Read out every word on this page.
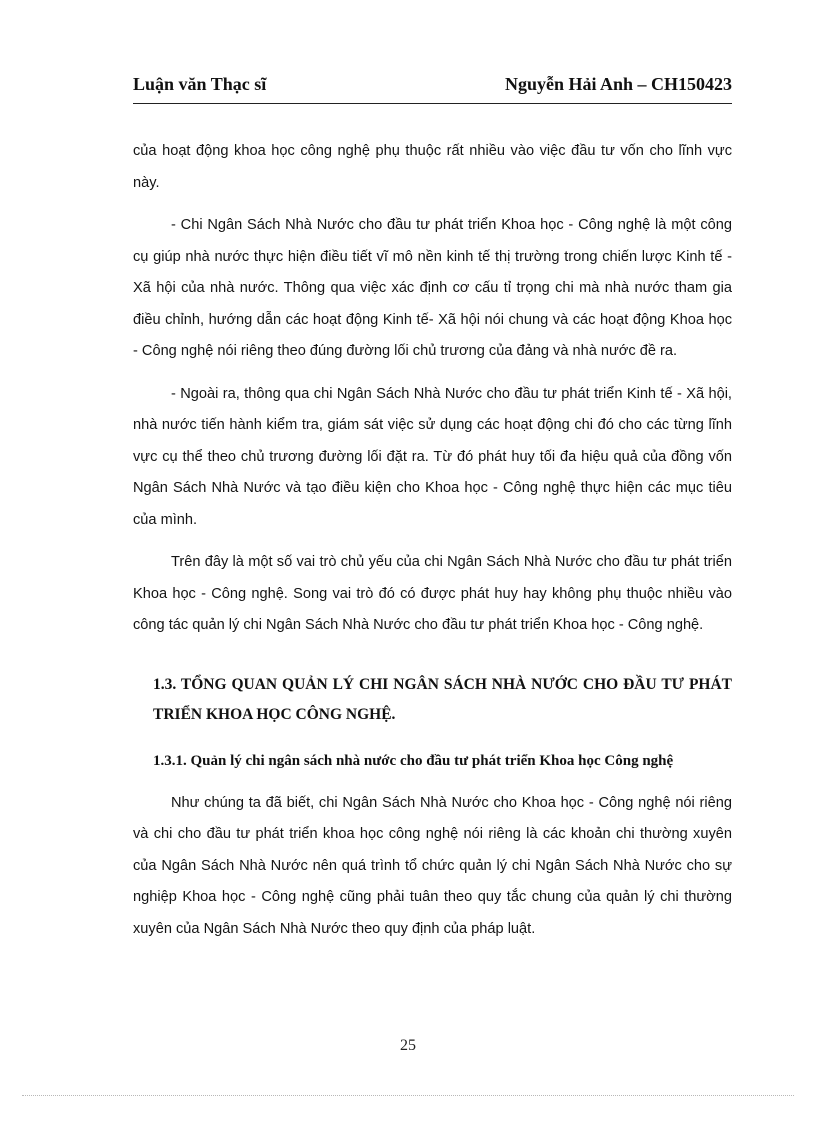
Luận văn Thạc sĩ	Nguyễn Hải Anh – CH150423

của hoạt động khoa học công nghệ phụ thuộc rất nhiều vào việc đầu tư vốn cho lĩnh vực này.

- Chi Ngân Sách Nhà Nước cho đầu tư phát triển Khoa học - Công nghệ là một công cụ giúp nhà nước thực hiện điều tiết vĩ mô nền kinh tế thị trường trong chiến lược Kinh tế - Xã hội của nhà nước. Thông qua việc xác định cơ cấu tỉ trọng chi mà nhà nước tham gia điều chỉnh, hướng dẫn các hoạt động Kinh tế- Xã hội nói chung và các hoạt động Khoa học - Công nghệ nói riêng theo đúng đường lối chủ trương của đảng và nhà nước đề ra.

- Ngoài ra, thông qua chi Ngân Sách Nhà Nước cho đầu tư phát triển Kinh tế - Xã hội, nhà nước tiến hành kiểm tra, giám sát việc sử dụng các hoạt động chi đó cho các từng lĩnh vực cụ thể theo chủ trương đường lối đặt ra. Từ đó phát huy tối đa hiệu quả của đồng vốn Ngân Sách Nhà Nước và tạo điều kiện cho Khoa học - Công nghệ thực hiện các mục tiêu của mình.

Trên đây là một số vai trò chủ yếu của chi Ngân Sách Nhà Nước cho đầu tư phát triển Khoa học - Công nghệ. Song vai trò đó có được phát huy hay không phụ thuộc nhiều vào công tác quản lý chi Ngân Sách Nhà Nước cho đầu tư phát triển Khoa học - Công nghệ.

1.3. TỔNG QUAN QUẢN LÝ CHI NGÂN SÁCH NHÀ NƯỚC CHO ĐẦU TƯ PHÁT TRIỂN KHOA HỌC CÔNG NGHỆ.
1.3.1. Quản lý chi ngân sách nhà nước cho đầu tư phát triển Khoa học Công nghệ

Như chúng ta đã biết, chi Ngân Sách Nhà Nước cho Khoa học - Công nghệ nói riêng và chi cho đầu tư phát triển khoa học công nghệ nói riêng là các khoản chi thường xuyên của Ngân Sách Nhà Nước nên quá trình tổ chức quản lý chi Ngân Sách Nhà Nước cho sự nghiệp Khoa học - Công nghệ cũng phải tuân theo quy tắc chung của quản lý chi thường xuyên của Ngân Sách Nhà Nước theo quy định của pháp luật.

25
